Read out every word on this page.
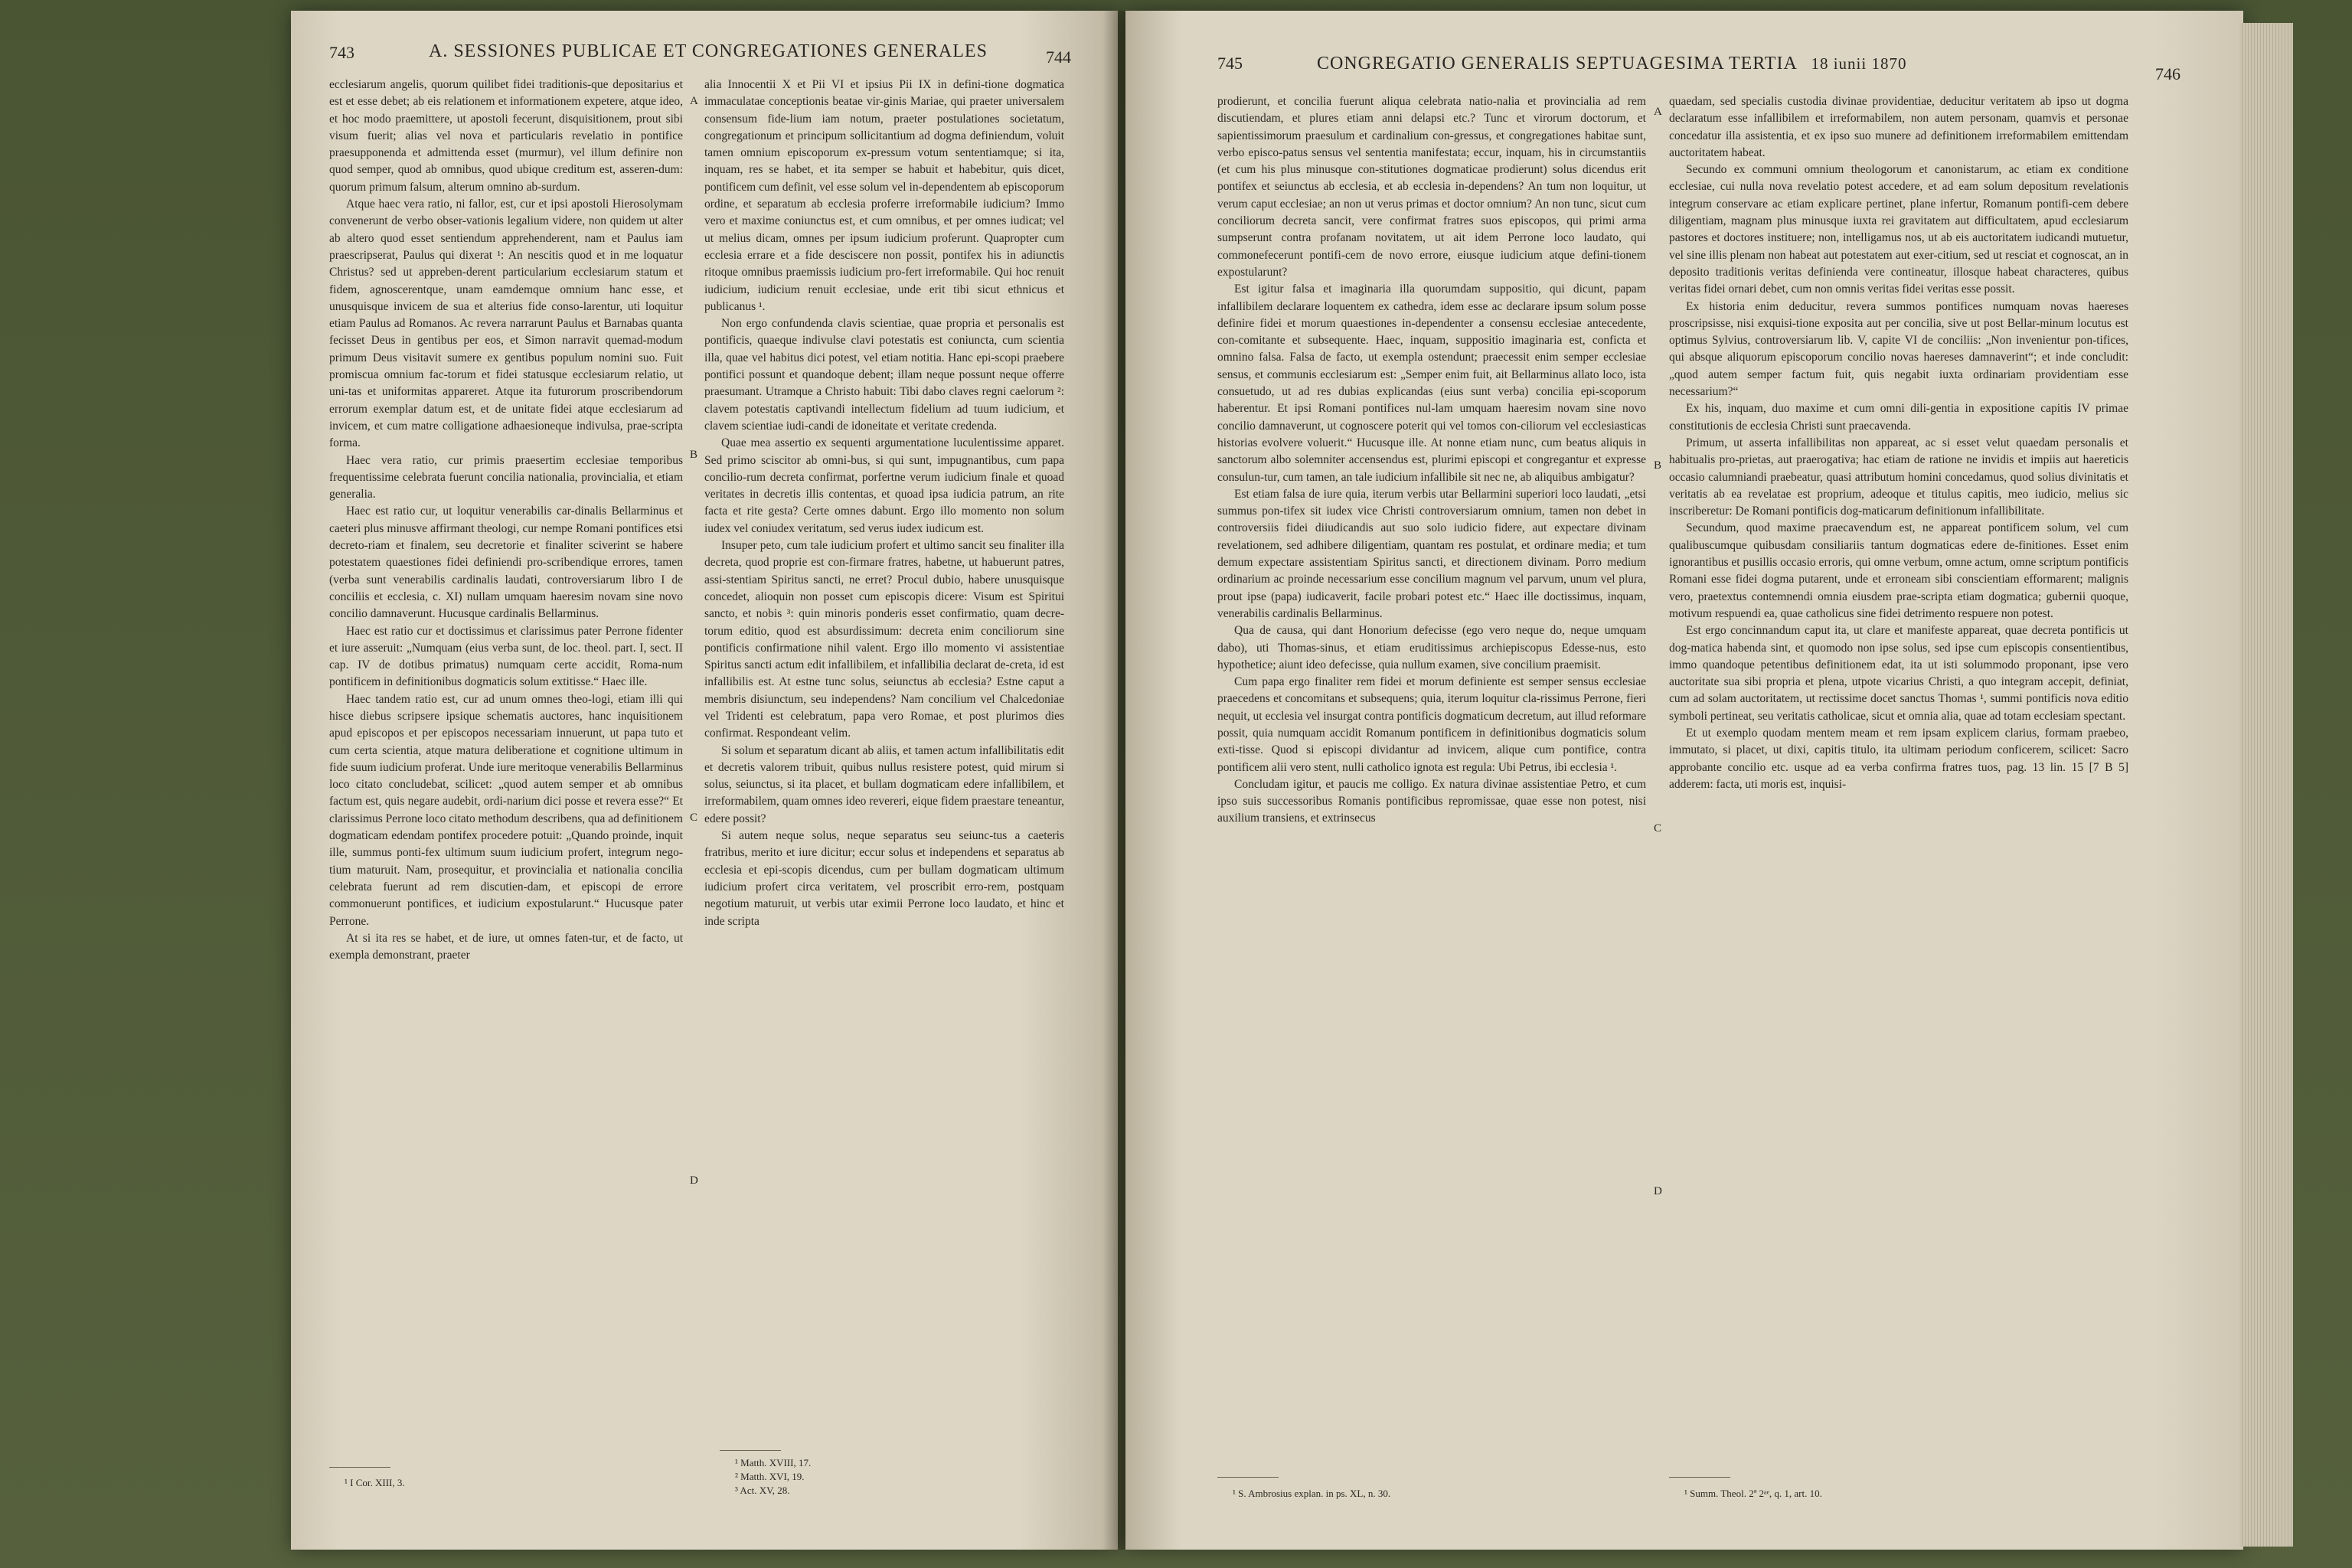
743	A. SESSIONES PUBLICAE ET CONGREGATIONES GENERALES	744

ecclesiarum angelis, quorum quilibet fidei traditionis-que depositarius et est et esse debet; ab eis relationem et informationem expetere, atque ideo, et hoc modo praemittere, ut apostoli fecerunt, disquisitionem, prout sibi visum fuerit; alias vel nova et particularis revelatio in pontifice praesupponenda et admittenda esset (murmur), vel illum definire non quod semper, quod ab omnibus, quod ubique creditum est, asseren-dum: quorum primum falsum, alterum omnino ab-surdum.

Atque haec vera ratio, ni fallor, est, cur et ipsi apostoli Hierosolymam convenerunt de verbo obser-vationis legalium videre, non quidem ut alter ab altero quod esset sentiendum apprehenderent, nam et Paulus iam praescripserat, Paulus qui dixerat ¹: An nescitis quod et in me loquatur Christus? sed ut appreben-derent particularium ecclesiarum statum et fidem, agnoscerentque, unam eamdemque omnium hanc esse, et unusquisque invicem de sua et alterius fide conso-larentur, uti loquitur etiam Paulus ad Romanos. Ac revera narrarunt Paulus et Barnabas quanta fecisset Deus in gentibus per eos, et Simon narravit quemad-modum primum Deus visitavit sumere ex gentibus populum nomini suo. Fuit promiscua omnium fac-torum et fidei statusque ecclesiarum relatio, ut uni-tas et uniformitas appareret. Atque ita futurorum proscribendorum errorum exemplar datum est, et de unitate fidei atque ecclesiarum ad invicem, et cum matre colligatione adhaesioneque indivulsa, prae-scripta forma.

Haec vera ratio, cur primis praesertim ecclesiae temporibus frequentissime celebrata fuerunt concilia nationalia, provincialia, et etiam generalia.

Haec est ratio cur, ut loquitur venerabilis car-dinalis Bellarminus et caeteri plus minusve affirmant theologi, cur nempe Romani pontifices etsi decreto-riam et finalem, seu decretorie et finaliter sciverint se habere potestatem quaestiones fidei definiendi pro-scribendique errores, tamen (verba sunt venerabilis cardinalis laudati, controversiarum libro I de conciliis et ecclesia, c. XI) nullam umquam haeresim novam sine novo concilio damnaverunt. Hucusque cardinalis Bellarminus.

Haec est ratio cur et doctissimus et clarissimus pater Perrone fidenter et iure asseruit: „Numquam (eius verba sunt, de loc. theol. part. I, sect. II cap. IV de dotibus primatus) numquam certe accidit, Roma-num pontificem in definitionibus dogmaticis solum extitisse.“ Haec ille.

Haec tandem ratio est, cur ad unum omnes theo-logi, etiam illi qui hisce diebus scripsere ipsique schematis auctores, hanc inquisitionem apud episcopos et per episcopos necessariam innuerunt, ut papa tuto et cum certa scientia, atque matura deliberatione et cognitione ultimum in fide suum iudicium proferat. Unde iure meritoque venerabilis Bellarminus loco citato concludebat, scilicet: „quod autem semper et ab omnibus factum est, quis negare audebit, ordi-narium dici posse et revera esse?“ Et clarissimus Perrone loco citato methodum describens, qua ad definitionem dogmaticam edendam pontifex procedere potuit: „Quando proinde, inquit ille, summus ponti-fex ultimum suum iudicium profert, integrum nego-tium maturuit. Nam, prosequitur, et provincialia et nationalia concilia celebrata fuerunt ad rem discutien-dam, et episcopi de errore commonuerunt pontifices, et iudicium expostularunt.“ Hucusque pater Perrone.

At si ita res se habet, et de iure, ut omnes faten-tur, et de facto, ut exempla demonstrant, praeter

¹ I Cor. XIII, 3.
A
B
C
D

alia Innocentii X et Pii VI et ipsius Pii IX in defini-tione dogmatica immaculatae conceptionis beatae vir-ginis Mariae, qui praeter universalem consensum fide-lium iam notum, praeter postulationes societatum, congregationum et principum sollicitantium ad dogma definiendum, voluit tamen omnium episcoporum ex-pressum votum sententiamque; si ita, inquam, res se habet, et ita semper se habuit et habebitur, quis dicet, pontificem cum definit, vel esse solum vel in-dependentem ab episcoporum ordine, et separatum ab ecclesia proferre irreformabile iudicium? Immo vero et maxime coniunctus est, et cum omnibus, et per omnes iudicat; vel ut melius dicam, omnes per ipsum iudicium proferunt. Quapropter cum ecclesia errare et a fide desciscere non possit, pontifex his in adiunctis ritoque omnibus praemissis iudicium pro-fert irreformabile. Qui hoc renuit iudicium, iudicium renuit ecclesiae, unde erit tibi sicut ethnicus et publicanus ¹.

Non ergo confundenda clavis scientiae, quae propria et personalis est pontificis, quaeque indivulse clavi potestatis est coniuncta, cum scientia illa, quae vel habitus dici potest, vel etiam notitia. Hanc epi-scopi praebere pontifici possunt et quandoque debent; illam neque possunt neque offerre praesumant. Utramque a Christo habuit: Tibi dabo claves regni caelorum ²: clavem potestatis captivandi intellectum fidelium ad tuum iudicium, et clavem scientiae iudi-candi de idoneitate et veritate credenda.

Quae mea assertio ex sequenti argumentatione luculentissime apparet. Sed primo sciscitor ab omni-bus, si qui sunt, impugnantibus, cum papa concilio-rum decreta confirmat, porfertne verum iudicium finale et quoad veritates in decretis illis contentas, et quoad ipsa iudicia patrum, an rite facta et rite gesta? Certe omnes dabunt. Ergo illo momento non solum iudex vel coniudex veritatum, sed verus iudex iudicum est.

Insuper peto, cum tale iudicium profert et ultimo sancit seu finaliter illa decreta, quod proprie est con-firmare fratres, habetne, ut habuerunt patres, assi-stentiam Spiritus sancti, ne erret? Procul dubio, habere unusquisque concedet, alioquin non posset cum episcopis dicere: Visum est Spiritui sancto, et nobis ³: quin minoris ponderis esset confirmatio, quam decre-torum editio, quod est absurdissimum: decreta enim conciliorum sine pontificis confirmatione nihil valent. Ergo illo momento vi assistentiae Spiritus sancti actum edit infallibilem, et infallibilia declarat de-creta, id est infallibilis est. At estne tunc solus, seiunctus ab ecclesia? Estne caput a membris disiunctum, seu independens? Nam concilium vel Chalcedoniae vel Tridenti est celebratum, papa vero Romae, et post plurimos dies confirmat. Respondeant velim.

Si solum et separatum dicant ab aliis, et tamen actum infallibilitatis edit et decretis valorem tribuit, quibus nullus resistere potest, quid mirum si solus, seiunctus, si ita placet, et bullam dogmaticam edere infallibilem, et irreformabilem, quam omnes ideo revereri, eique fidem praestare teneantur, edere possit?

Si autem neque solus, neque separatus seu seiunc-tus a caeteris fratribus, merito et iure dicitur; eccur solus et independens et separatus ab ecclesia et epi-scopis dicendus, cum per bullam dogmaticam ultimum iudicium profert circa veritatem, vel proscribit erro-rem, postquam negotium maturuit, ut verbis utar eximii Perrone loco laudato, et hinc et inde scripta

¹ Matth. XVIII, 17.
² Matth. XVI, 19.
³ Act. XV, 28.
745	CONGREGATIO GENERALIS SEPTUAGESIMA TERTIA 18 iunii 1870
746

prodierunt, et concilia fuerunt aliqua celebrata natio-nalia et provincialia ad rem discutiendam, et plures etiam anni delapsi etc.? Tunc et virorum doctorum, et sapientissimorum praesulum et cardinalium con-gressus, et congregationes habitae sunt, verbo episco-patus sensus vel sententia manifestata; eccur, inquam, his in circumstantiis (et cum his plus minusque con-stitutiones dogmaticae prodierunt) solus dicendus erit pontifex et seiunctus ab ecclesia, et ab ecclesia in-dependens? An tum non loquitur, ut verum caput ecclesiae; an non ut verus primas et doctor omnium? An non tunc, sicut cum conciliorum decreta sancit, vere confirmat fratres suos episcopos, qui primi arma sumpserunt contra profanam novitatem, ut ait idem Perrone loco laudato, qui commonefecerunt pontifi-cem de novo errore, eiusque iudicium atque defini-tionem expostularunt?

Est igitur falsa et imaginaria illa quorumdam suppositio, qui dicunt, papam infallibilem declarare loquentem ex cathedra, idem esse ac declarare ipsum solum posse definire fidei et morum quaestiones in-dependenter a consensu ecclesiae antecedente, con-comitante et subsequente. Haec, inquam, suppositio imaginaria est, conficta et omnino falsa. Falsa de facto, ut exempla ostendunt; praecessit enim semper ecclesiae sensus, et communis ecclesiarum est: „Semper enim fuit, ait Bellarminus allato loco, ista consuetudo, ut ad res dubias explicandas (eius sunt verba) concilia epi-scoporum haberentur. Et ipsi Romani pontifices nul-lam umquam haeresim novam sine novo concilio damnaverunt, ut cognoscere poterit qui vel tomos con-ciliorum vel ecclesiasticas historias evolvere voluerit.“ Hucusque ille. At nonne etiam nunc, cum beatus aliquis in sanctorum albo solemniter accensendus est, plurimi episcopi et congregantur et expresse consulun-tur, cum tamen, an tale iudicium infallibile sit nec ne, ab aliquibus ambigatur?

Est etiam falsa de iure quia, iterum verbis utar Bellarmini superiori loco laudati, „etsi summus pon-tifex sit iudex vice Christi controversiarum omnium, tamen non debet in controversiis fidei diiudicandis aut suo solo iudicio fidere, aut expectare divinam revelationem, sed adhibere diligentiam, quantam res postulat, et ordinare media; et tum demum expectare assistentiam Spiritus sancti, et directionem divinam. Porro medium ordinarium ac proinde necessarium esse concilium magnum vel parvum, unum vel plura, prout ipse (papa) iudicaverit, facile probari potest etc.“ Haec ille doctissimus, inquam, venerabilis cardinalis Bellarminus.

Qua de causa, qui dant Honorium defecisse (ego vero neque do, neque umquam dabo), uti Thomas-sinus, et etiam eruditissimus archiepiscopus Edesse-nus, esto hypothetice; aiunt ideo defecisse, quia nullum examen, sive concilium praemisit.

Cum papa ergo finaliter rem fidei et morum definiente est semper sensus ecclesiae praecedens et concomitans et subsequens; quia, iterum loquitur cla-rissimus Perrone, fieri nequit, ut ecclesia vel insurgat contra pontificis dogmaticum decretum, aut illud reformare possit, quia numquam accidit Romanum pontificem in definitionibus dogmaticis solum exti-tisse. Quod si episcopi dividantur ad invicem, alique cum pontifice, contra pontificem alii vero stent, nulli catholico ignota est regula: Ubi Petrus, ibi ecclesia ¹.

Concludam igitur, et paucis me colligo. Ex natura divinae assistentiae Petro, et cum ipso suis successoribus Romanis pontificibus repromissae, quae esse non potest, nisi auxilium transiens, et extrinsecus

¹ S. Ambrosius explan. in ps. XL, n. 30.
A
B
C
D

quaedam, sed specialis custodia divinae providentiae, deducitur veritatem ab ipso ut dogma declaratum esse infallibilem et irreformabilem, non autem personam, quamvis et personae concedatur illa assistentia, et ex ipso suo munere ad definitionem irreformabilem emittendam auctoritatem habeat.

Secundo ex communi omnium theologorum et canonistarum, ac etiam ex conditione ecclesiae, cui nulla nova revelatio potest accedere, et ad eam solum depositum revelationis integrum conservare ac etiam explicare pertinet, plane infertur, Romanum pontifi-cem debere diligentiam, magnam plus minusque iuxta rei gravitatem aut difficultatem, apud ecclesiarum pastores et doctores instituere; non, intelligamus nos, ut ab eis auctoritatem iudicandi mutuetur, vel sine illis plenam non habeat aut potestatem aut exer-citium, sed ut resciat et cognoscat, an in deposito traditionis veritas definienda vere contineatur, illosque habeat characteres, quibus veritas fidei ornari debet, cum non omnis veritas fidei veritas esse possit.

Ex historia enim deducitur, revera summos pontifices numquam novas haereses proscripsisse, nisi exquisi-tione exposita aut per concilia, sive ut post Bellar-minum locutus est optimus Sylvius, controversiarum lib. V, capite VI de conciliis: „Non invenientur pon-tifices, qui absque aliquorum episcoporum concilio novas haereses damnaverint“; et inde concludit: „quod autem semper factum fuit, quis negabit iuxta ordinariam providentiam esse necessarium?“

Ex his, inquam, duo maxime et cum omni dili-gentia in expositione capitis IV primae constitutionis de ecclesia Christi sunt praecavenda.

Primum, ut asserta infallibilitas non appareat, ac si esset velut quaedam personalis et habitualis pro-prietas, aut praerogativa; hac etiam de ratione ne invidis et impiis aut haereticis occasio calumniandi praebeatur, quasi attributum homini concedamus, quod solius divinitatis et veritatis ab ea revelatae est proprium, adeoque et titulus capitis, meo iudicio, melius sic inscriberetur: De Romani pontificis dog-maticarum definitionum infallibilitate.

Secundum, quod maxime praecavendum est, ne appareat pontificem solum, vel cum qualibuscumque quibusdam consiliariis tantum dogmaticas edere de-finitiones. Esset enim ignorantibus et pusillis occasio erroris, qui omne verbum, omne actum, omne scriptum pontificis Romani esse fidei dogma putarent, unde et erroneam sibi conscientiam efformarent; malignis vero, praetextus contemnendi omnia eiusdem prae-scripta etiam dogmatica; gubernii quoque, motivum respuendi ea, quae catholicus sine fidei detrimento respuere non potest.

Est ergo concinnandum caput ita, ut clare et manifeste appareat, quae decreta pontificis ut dog-matica habenda sint, et quomodo non ipse solus, sed ipse cum episcopis consentientibus, immo quandoque petentibus definitionem edat, ita ut isti solummodo proponant, ipse vero auctoritate sua sibi propria et plena, utpote vicarius Christi, a quo integram accepit, definiat, cum ad solam auctoritatem, ut rectissime docet sanctus Thomas ¹, summi pontificis nova editio symboli pertineat, seu veritatis catholicae, sicut et omnia alia, quae ad totam ecclesiam spectant.

Et ut exemplo quodam mentem meam et rem ipsam explicem clarius, formam praebeo, immutato, si placet, ut dixi, capitis titulo, ita ultimam periodum conficerem, scilicet: Sacro approbante concilio etc. usque ad ea verba confirma fratres tuos, pag. 13 lin. 15 [7 B 5] adderem: facta, uti moris est, inquisi-

¹ Summ. Theol. 2ª 2ᵃᵉ, q. 1, art. 10.
